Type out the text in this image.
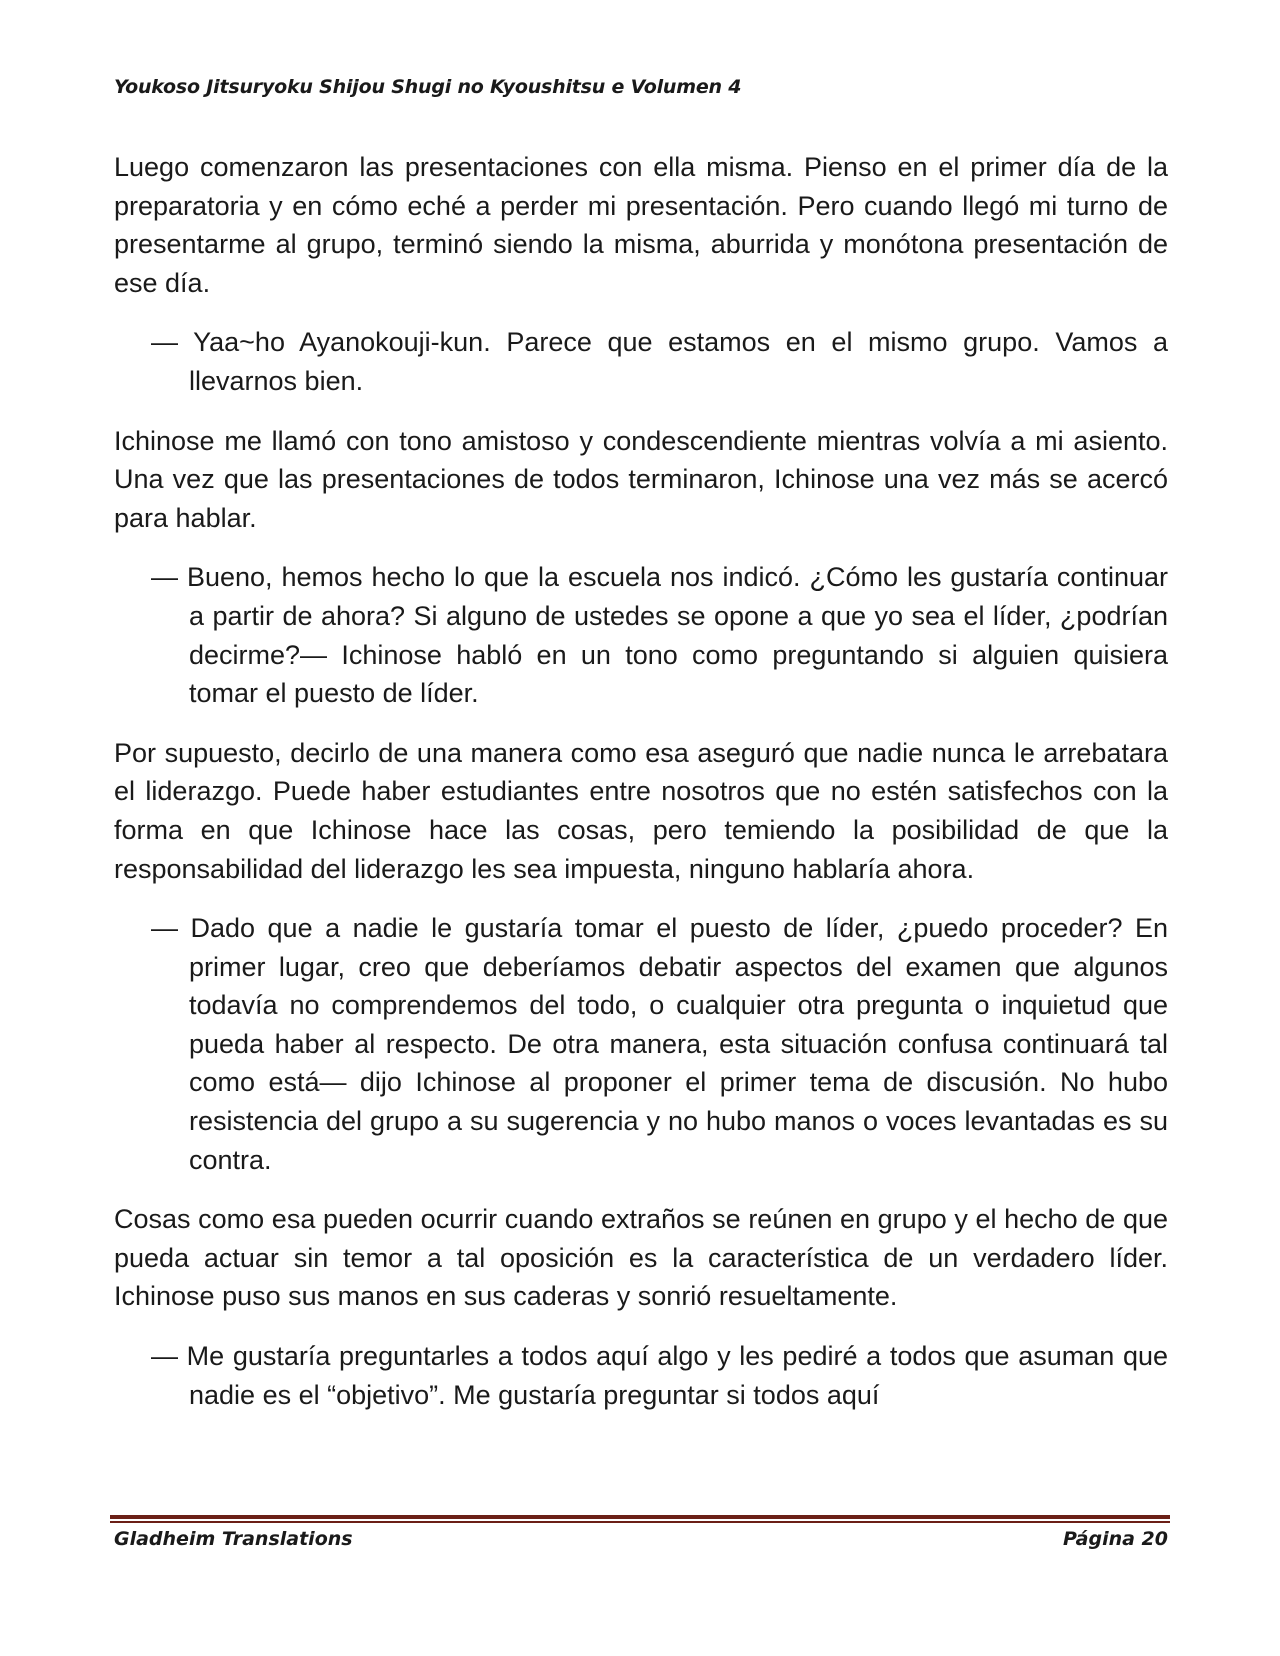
Youkoso Jitsuryoku Shijou Shugi no Kyoushitsu e Volumen 4

Luego comenzaron las presentaciones con ella misma. Pienso en el primer día de la preparatoria y en cómo eché a perder mi presentación. Pero cuando llegó mi turno de presentarme al grupo, terminó siendo la misma, aburrida y monótona presentación de ese día.

— Yaa~ho Ayanokouji-kun. Parece que estamos en el mismo grupo. Vamos a llevarnos bien.

Ichinose me llamó con tono amistoso y condescendiente mientras volvía a mi asiento. Una vez que las presentaciones de todos terminaron, Ichinose una vez más se acercó para hablar.

— Bueno, hemos hecho lo que la escuela nos indicó. ¿Cómo les gustaría continuar a partir de ahora? Si alguno de ustedes se opone a que yo sea el líder, ¿podrían decirme?— Ichinose habló en un tono como preguntando si alguien quisiera tomar el puesto de líder.

Por supuesto, decirlo de una manera como esa aseguró que nadie nunca le arrebatara el liderazgo. Puede haber estudiantes entre nosotros que no estén satisfechos con la forma en que Ichinose hace las cosas, pero temiendo la posibilidad de que la responsabilidad del liderazgo les sea impuesta, ninguno hablaría ahora.

— Dado que a nadie le gustaría tomar el puesto de líder, ¿puedo proceder? En primer lugar, creo que deberíamos debatir aspectos del examen que algunos todavía no comprendemos del todo, o cualquier otra pregunta o inquietud que pueda haber al respecto. De otra manera, esta situación confusa continuará tal como está— dijo Ichinose al proponer el primer tema de discusión. No hubo resistencia del grupo a su sugerencia y no hubo manos o voces levantadas es su contra.

Cosas como esa pueden ocurrir cuando extraños se reúnen en grupo y el hecho de que pueda actuar sin temor a tal oposición es la característica de un verdadero líder. Ichinose puso sus manos en sus caderas y sonrió resueltamente.

— Me gustaría preguntarles a todos aquí algo y les pediré a todos que asuman que nadie es el “objetivo”. Me gustaría preguntar si todos aquí

Gladheim Translations	Página 20
